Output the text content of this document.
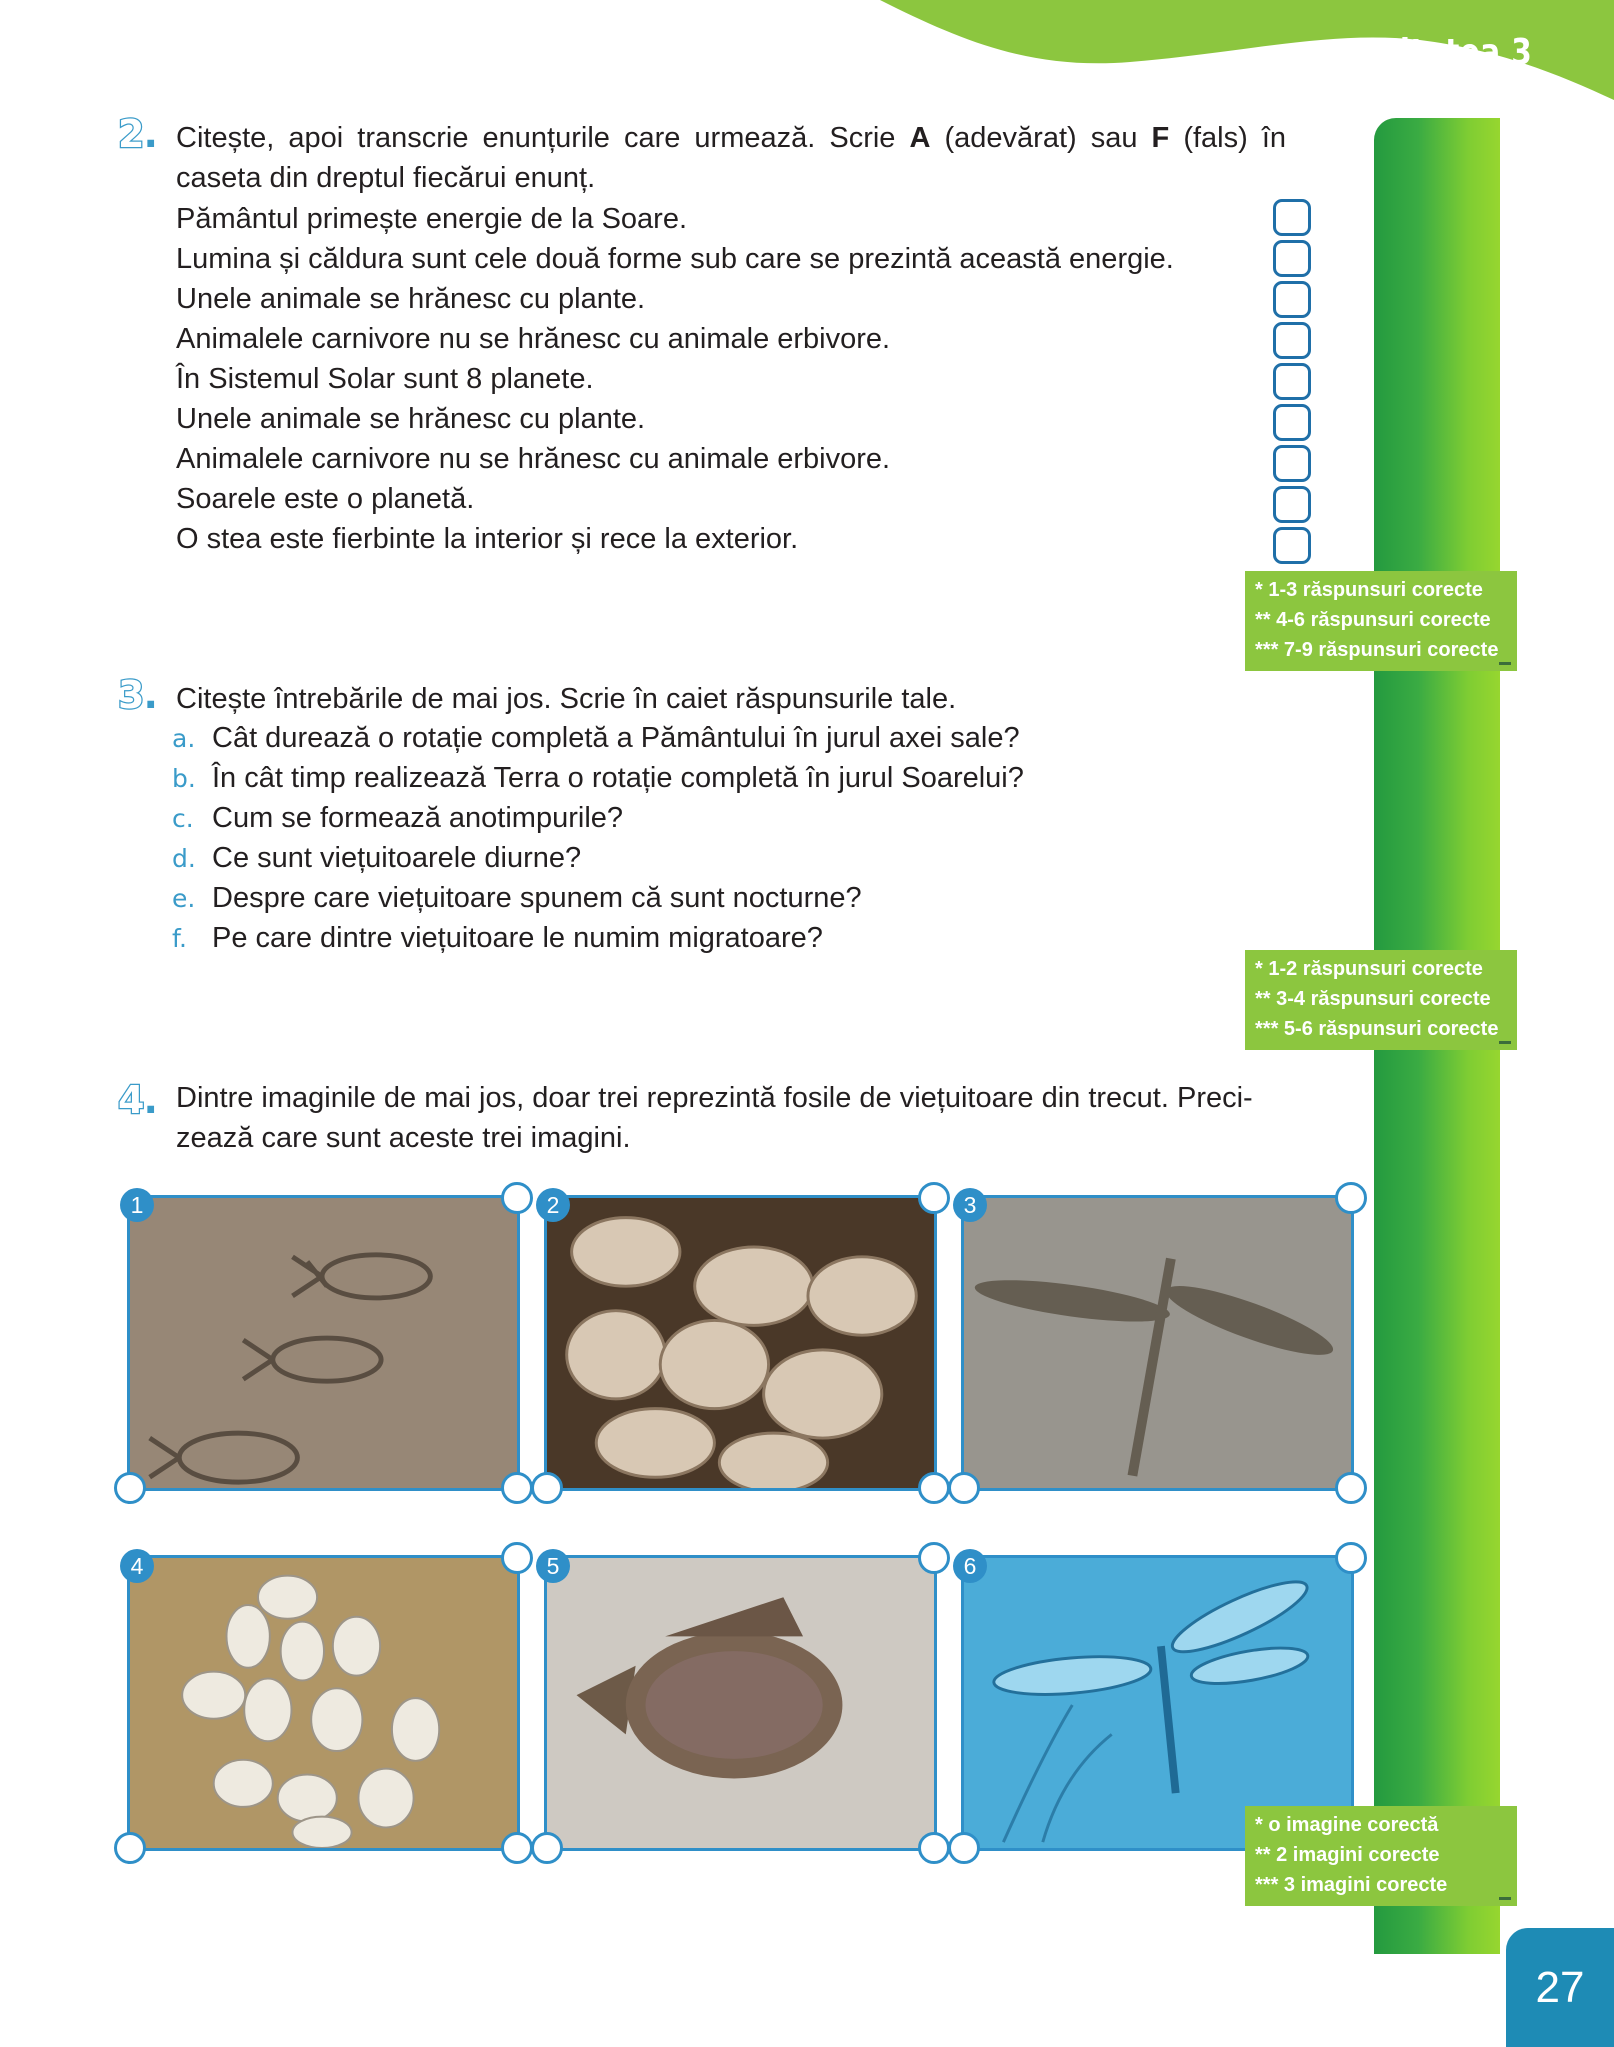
Unitatea 3
27
2. Citește, apoi transcrie enunțurile care urmează. Scrie A (adevărat) sau F (fals) în
caseta din dreptul fiecărui enunț.
Pământul primește energie de la Soare.
Lumina și căldura sunt cele două forme sub care se prezintă această energie.
Unele animale se hrănesc cu plante.
Animalele carnivore nu se hrănesc cu animale erbivore.
În Sistemul Solar sunt 8 planete.
Unele animale se hrănesc cu plante.
Animalele carnivore nu se hrănesc cu animale erbivore.
Soarele este o planetă.
O stea este fierbinte la interior și rece la exterior.
* 1-3 răspunsuri corecte
** 4-6 răspunsuri corecte
*** 7-9 răspunsuri corecte
3. Citește întrebările de mai jos. Scrie în caiet răspunsurile tale.
a. Cât durează o rotație completă a Pământului în jurul axei sale?
b. În cât timp realizează Terra o rotație completă în jurul Soarelui?
c. Cum se formează anotimpurile?
d. Ce sunt viețuitoarele diurne?
e. Despre care viețuitoare spunem că sunt nocturne?
f. Pe care dintre viețuitoare le numim migratoare?
* 1-2 răspunsuri corecte
** 3-4 răspunsuri corecte
*** 5-6 răspunsuri corecte
4. Dintre imaginile de mai jos, doar trei reprezintă fosile de viețuitoare din trecut. Preci-
zează care sunt aceste trei imagini.
1	2	3
4	5	6
* o imagine corectă
** 2 imagini corecte
*** 3 imagini corecte
